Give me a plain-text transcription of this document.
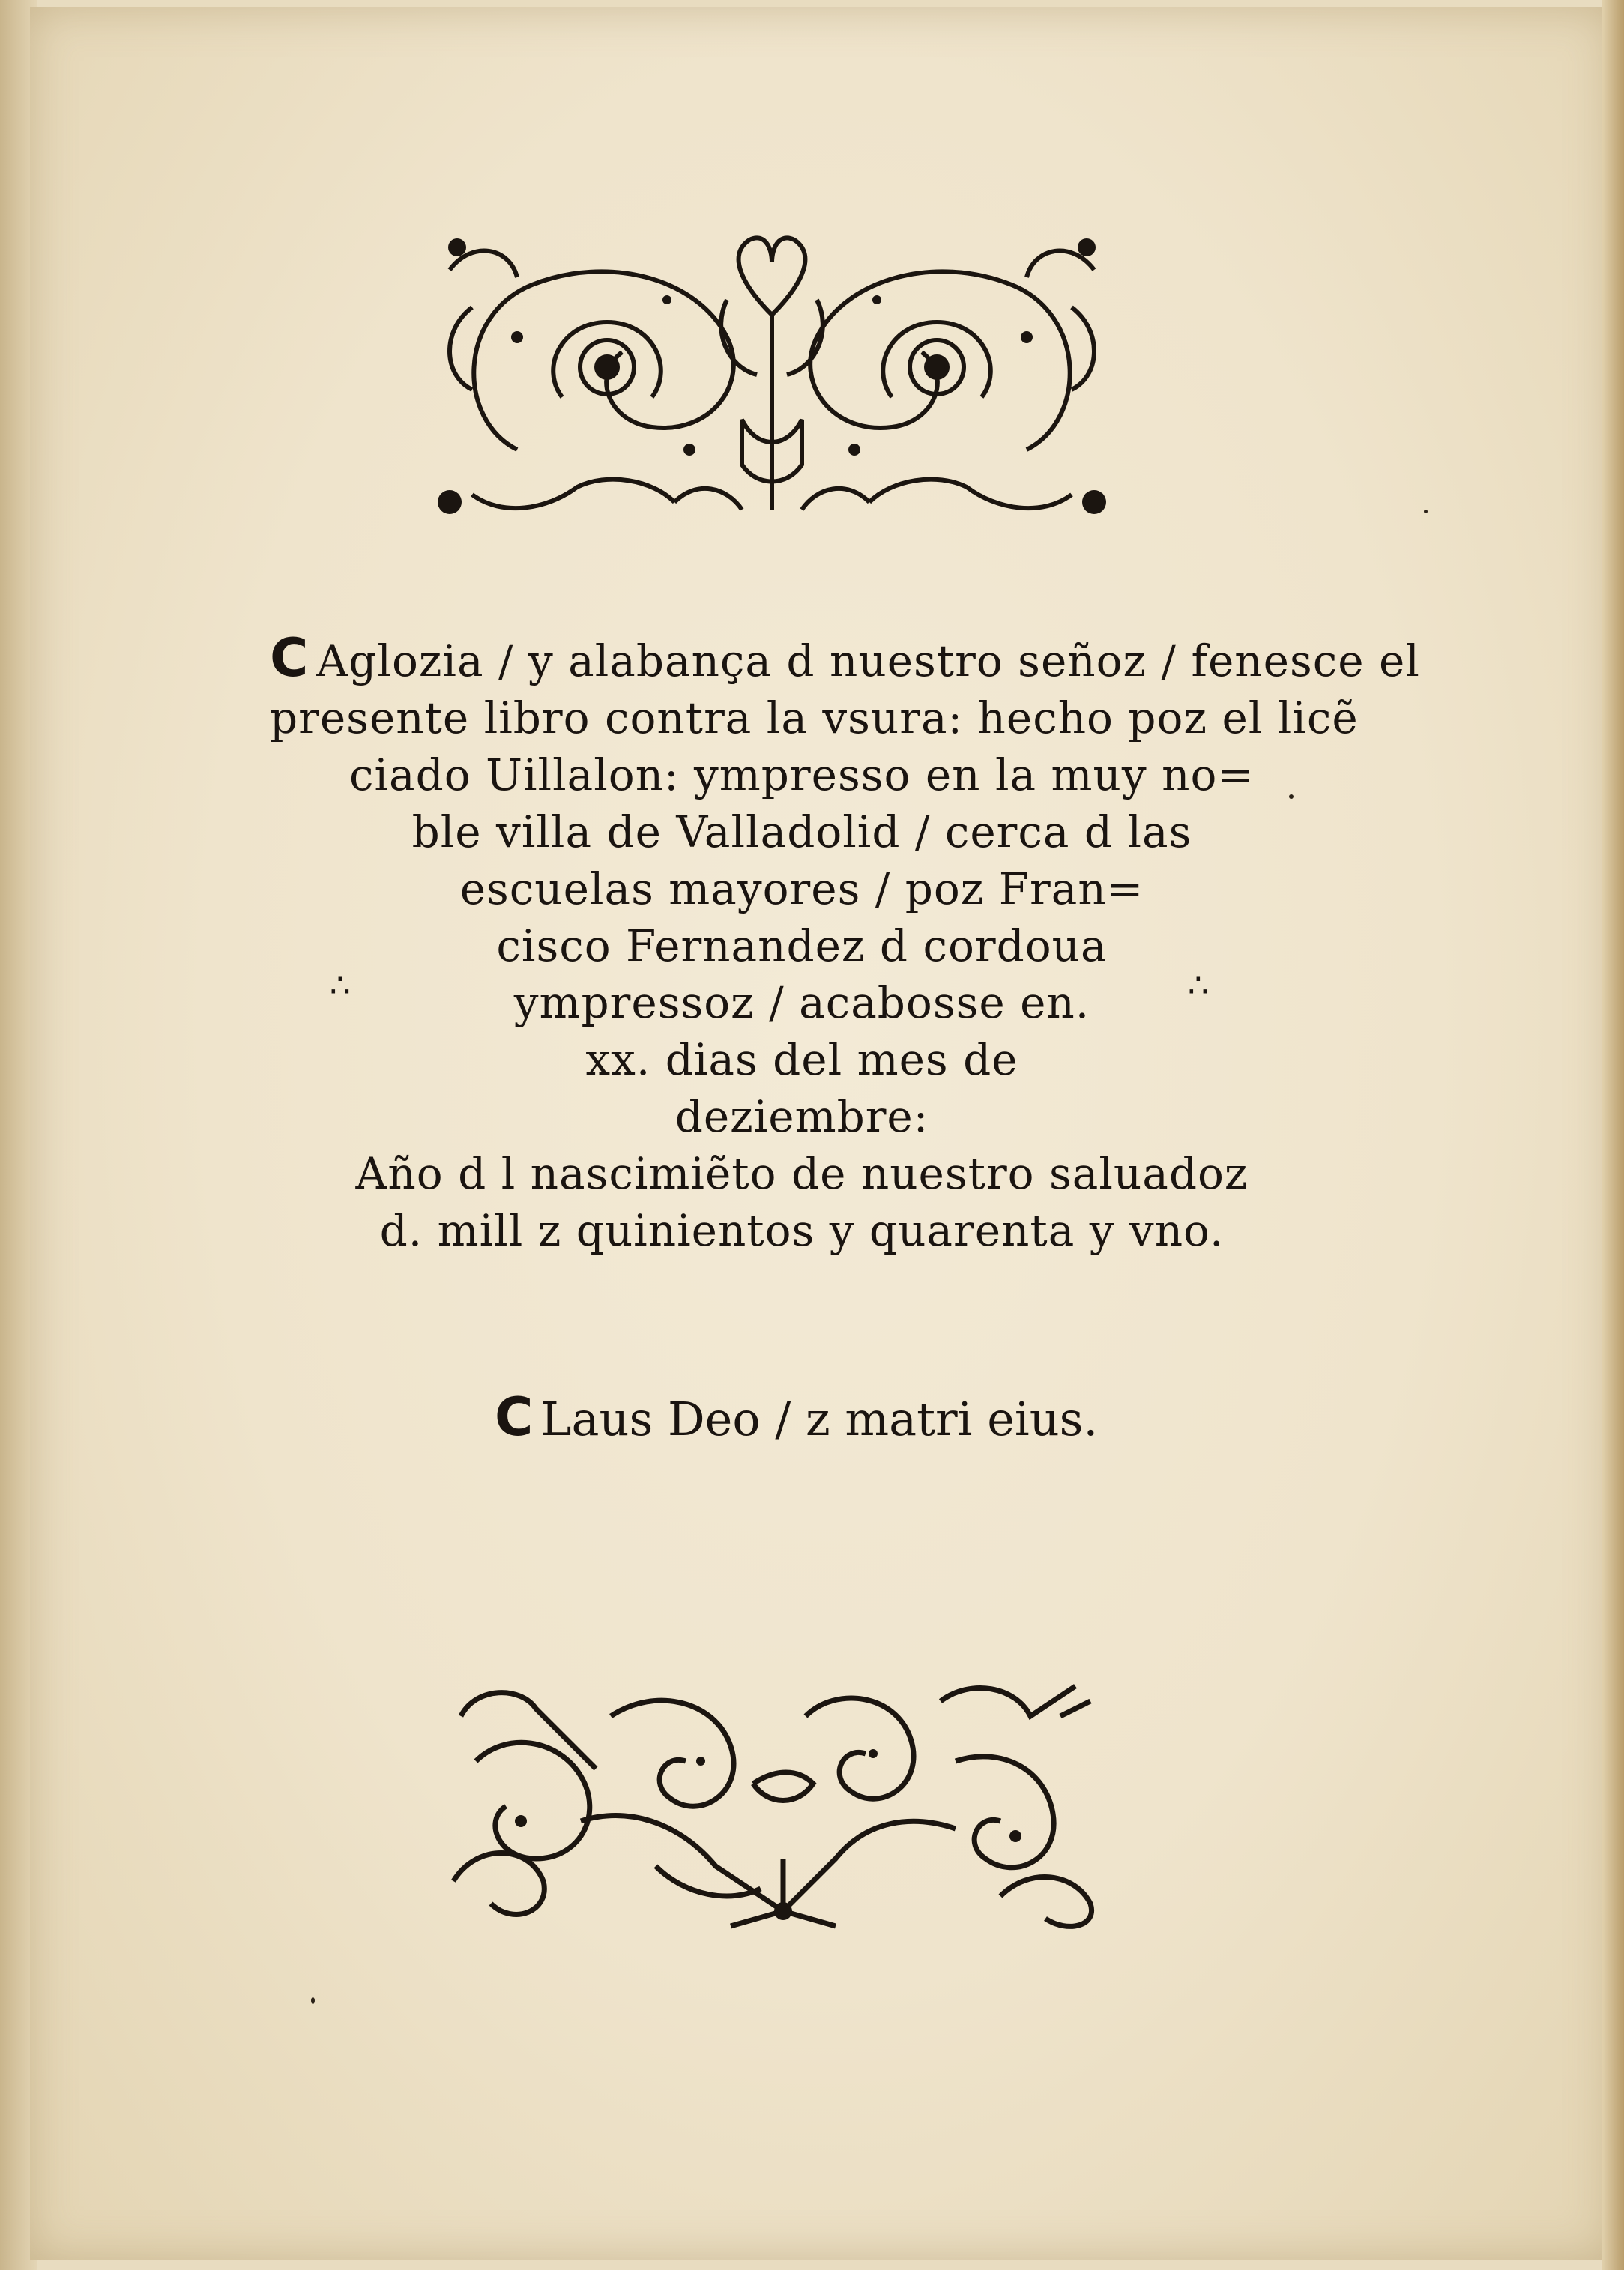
C Aglozia / y alabança d nuestro señoz / fenesce el
presente libro contra la vsura: hecho poz el licẽ
ciado Uillalon: ympresso en la muy no=
ble villa de Valladolid / cerca d las
escuelas mayores / poz Fran=
cisco Fernandez d cordoua
ympressoz / acabosse en.
xx. dias del mes de
deziembre:
Año d l nascimiẽto de nuestro saluadoz
d. mill z quinientos y quarenta y vno.
∴	∴
C Laus Deo / z matri eius.
